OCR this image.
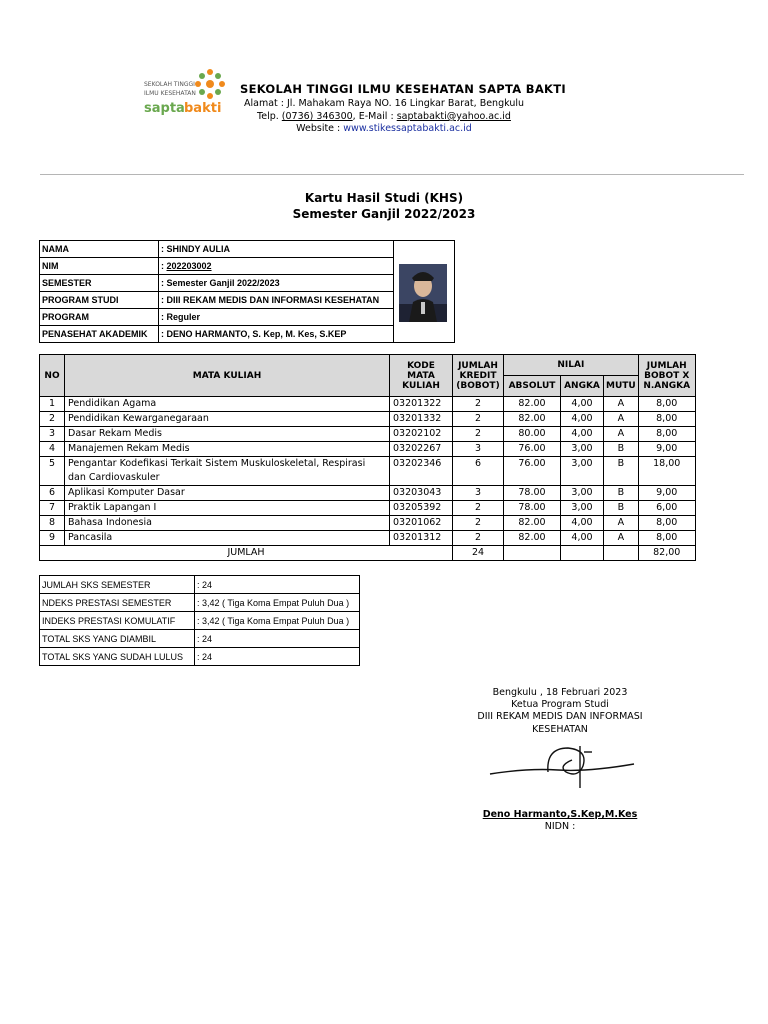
SEKOLAH TINGGI
ILMU KESEHATAN
sapta bakti
SEKOLAH TINGGI ILMU KESEHATAN SAPTA BAKTI
Alamat : Jl. Mahakam Raya NO. 16 Lingkar Barat, Bengkulu
Telp. (0736) 346300, E-Mail : saptabakti@yahoo.ac.id
Website : www.stikessaptabakti.ac.id
Kartu Hasil Studi (KHS)
Semester Ganjil 2022/2023
NAMA	: SHINDY AULIA	

NIM	: 202203002	
SEMESTER	: Semester Ganjil 2022/2023	
PROGRAM STUDI	: DIII REKAM MEDIS DAN INFORMASI KESEHATAN	
PROGRAM	: Reguler	
PENASEHAT AKADEMIK	: DENO HARMANTO, S. Kep, M. Kes, S.KEP	
NO	MATA KULIAH	KODE MATA KULIAH	JUMLAH KREDIT (BOBOT)	NILAI			JUMLAH BOBOT X N.ANGKA
				ABSOLUT	ANGKA	MUTU	
1	Pendidikan Agama	03201322	2	82.00	4,00	A	8,00
2	Pendidikan Kewarganegaraan	03201332	2	82.00	4,00	A	8,00
3	Dasar Rekam Medis	03202102	2	80.00	4,00	A	8,00
4	Manajemen Rekam Medis	03202267	3	76.00	3,00	B	9,00
5	Pengantar Kodefikasi Terkait Sistem Muskuloskeletal, Respirasi dan Cardiovaskuler	03202346	6	76.00	3,00	B	18,00
6	Aplikasi Komputer Dasar	03203043	3	78.00	3,00	B	9,00
7	Praktik Lapangan I	03205392	2	78.00	3,00	B	6,00
8	Bahasa Indonesia	03201062	2	82.00	4,00	A	8,00
9	Pancasila	03201312	2	82.00	4,00	A	8,00
JUMLAH			24				82,00
JUMLAH SKS SEMESTER	: 24
NDEKS PRESTASI SEMESTER	: 3,42 ( Tiga Koma Empat Puluh Dua )
INDEKS PRESTASI KOMULATIF	: 3,42 ( Tiga Koma Empat Puluh Dua )
TOTAL SKS YANG DIAMBIL	: 24
TOTAL SKS YANG SUDAH LULUS	: 24
Bengkulu , 18 Februari 2023
Ketua Program Studi
DIII REKAM MEDIS DAN INFORMASI
KESEHATAN
Deno Harmanto,S.Kep,M.Kes
NIDN :
